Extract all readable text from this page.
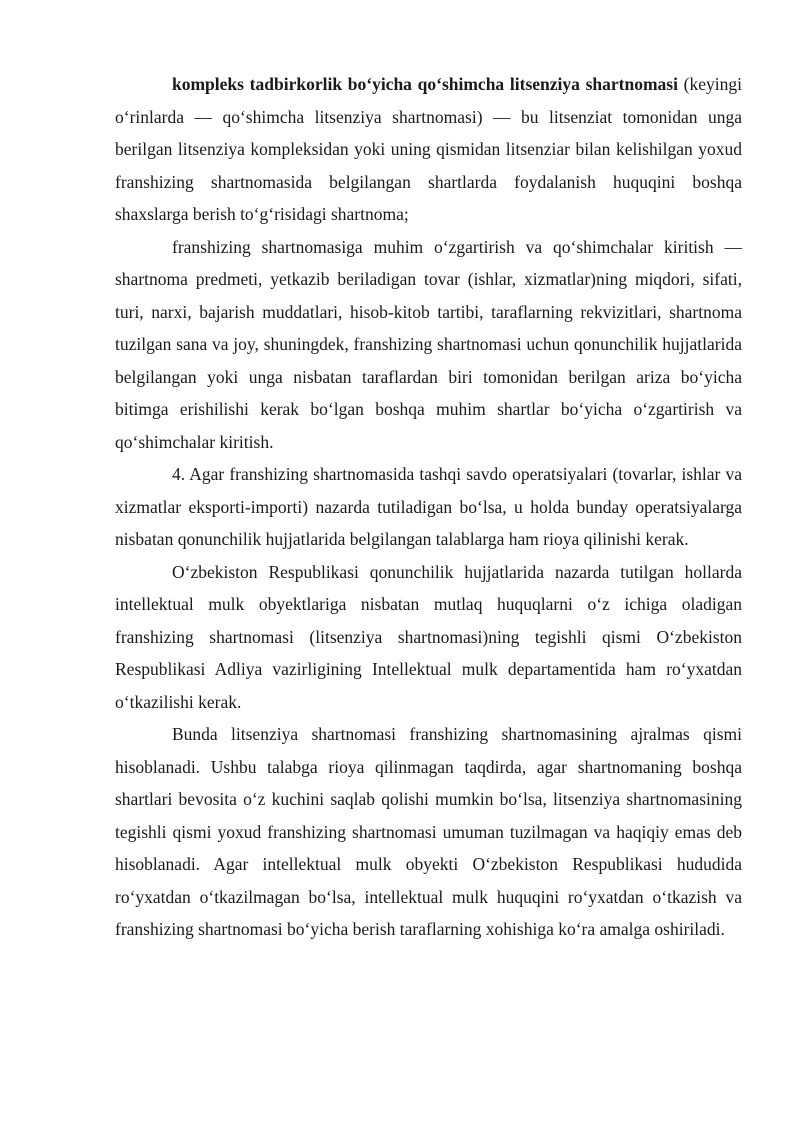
kompleks tadbirkorlik bo‘yicha qo‘shimcha litsenziya shartnomasi (keyingi o‘rinlarda — qo‘shimcha litsenziya shartnomasi) — bu litsenziat tomonidan unga berilgan litsenziya kompleksidan yoki uning qismidan litsenziar bilan kelishilgan yoxud franshizing shartnomasida belgilangan shartlarda foydalanish huquqini boshqa shaxslarga berish to‘g‘risidagi shartnoma;

franshizing shartnomasiga muhim o‘zgartirish va qo‘shimchalar kiritish — shartnoma predmeti, yetkazib beriladigan tovar (ishlar, xizmatlar)ning miqdori, sifati, turi, narxi, bajarish muddatlari, hisob-kitob tartibi, taraflarning rekvizitlari, shartnoma tuzilgan sana va joy, shuningdek, franshizing shartnomasi uchun qonunchilik hujjatlarida belgilangan yoki unga nisbatan taraflardan biri tomonidan berilgan ariza bo‘yicha bitimga erishilishi kerak bo‘lgan boshqa muhim shartlar bo‘yicha o‘zgartirish va qo‘shimchalar kiritish.

4. Agar franshizing shartnomasida tashqi savdo operatsiyalari (tovarlar, ishlar va xizmatlar eksporti-importi) nazarda tutiladigan bo‘lsa, u holda bunday operatsiyalarga nisbatan qonunchilik hujjatlarida belgilangan talablarga ham rioya qilinishi kerak.

O‘zbekiston Respublikasi qonunchilik hujjatlarida nazarda tutilgan hollarda intellektual mulk obyektlariga nisbatan mutlaq huquqlarni o‘z ichiga oladigan franshizing shartnomasi (litsenziya shartnomasi)ning tegishli qismi O‘zbekiston Respublikasi Adliya vazirligining Intellektual mulk departamentida ham ro‘yxatdan o‘tkazilishi kerak.

Bunda litsenziya shartnomasi franshizing shartnomasining ajralmas qismi hisoblanadi. Ushbu talabga rioya qilinmagan taqdirda, agar shartnomaning boshqa shartlari bevosita o‘z kuchini saqlab qolishi mumkin bo‘lsa, litsenziya shartnomasining tegishli qismi yoxud franshizing shartnomasi umuman tuzilmagan va haqiqiy emas deb hisoblanadi. Agar intellektual mulk obyekti O‘zbekiston Respublikasi hududida ro‘yxatdan o‘tkazilmagan bo‘lsa, intellektual mulk huquqini ro‘yxatdan o‘tkazish va franshizing shartnomasi bo‘yicha berish taraflarning xohishiga ko‘ra amalga oshiriladi.
